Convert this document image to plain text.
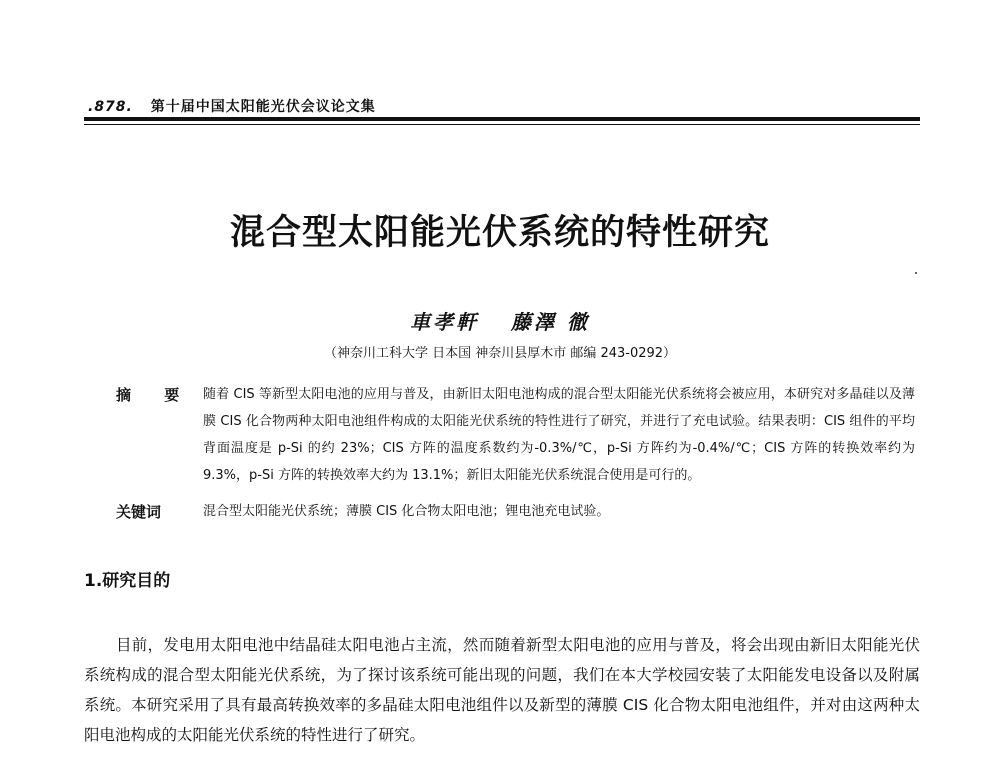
.878. 第十届中国太阳能光伏会议论文集
混合型太阳能光伏系统的特性研究
車孝軒 藤澤 徹
（神奈川工科大学 日本国 神奈川县厚木市 邮编 243-0292）
摘 要 随着 CIS 等新型太阳电池的应用与普及，由新旧太阳电池构成的混合型太阳能光伏系统将会被应用，本研究对多晶硅以及薄膜 CIS 化合物两种太阳电池组件构成的太阳能光伏系统的特性进行了研究，并进行了充电试验。结果表明：CIS 组件的平均背面温度是 p-Si 的约 23%；CIS 方阵的温度系数约为-0.3%/℃，p-Si 方阵约为-0.4%/℃；CIS 方阵的转换效率约为 9.3%，p-Si 方阵的转换效率大约为 13.1%；新旧太阳能光伏系统混合使用是可行的。
关键词	混合型太阳能光伏系统；薄膜 CIS 化合物太阳电池；锂电池充电试验。
1.研究目的
目前，发电用太阳电池中结晶硅太阳电池占主流，然而随着新型太阳电池的应用与普及，将会出现由新旧太阳能光伏系统构成的混合型太阳能光伏系统，为了探讨该系统可能出现的问题，我们在本大学校园安装了太阳能发电设备以及附属系统。本研究采用了具有最高转换效率的多晶硅太阳电池组件以及新型的薄膜 CIS 化合物太阳电池组件，并对由这两种太阳电池构成的太阳能光伏系统的特性进行了研究。
